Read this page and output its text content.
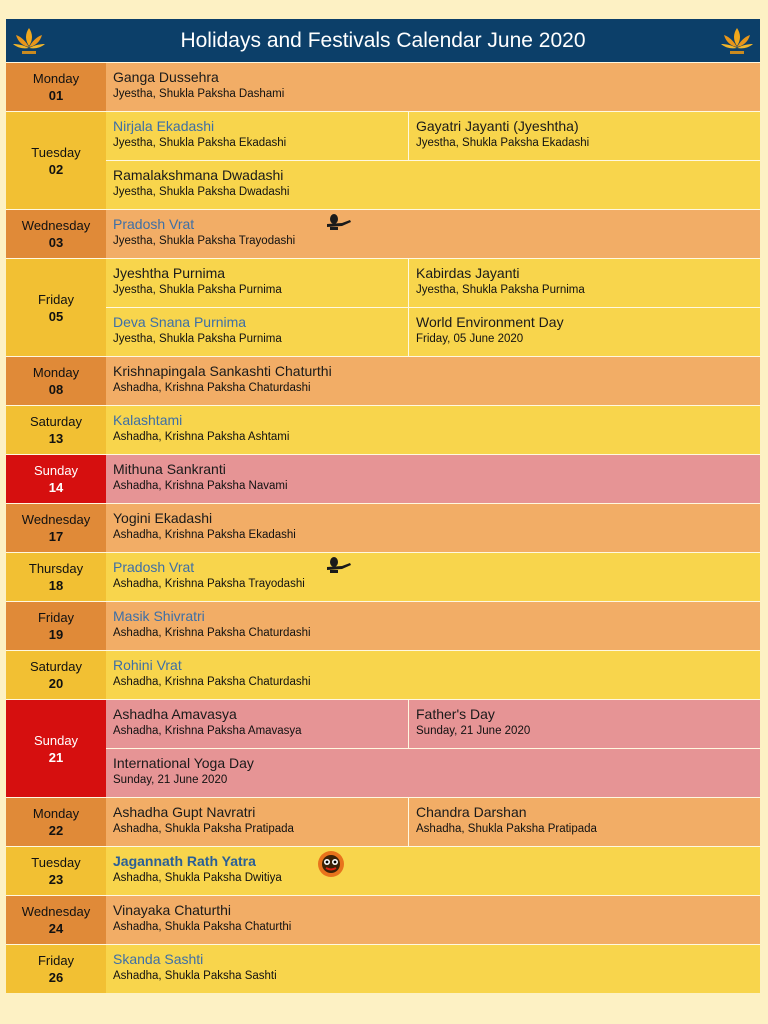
Holidays and Festivals Calendar June 2020
Monday
01
Ganga Dussehra
Jyestha, Shukla Paksha Dashami
Tuesday
02
Nirjala Ekadashi
Jyestha, Shukla Paksha Ekadashi
Gayatri Jayanti (Jyeshtha)
Jyestha, Shukla Paksha Ekadashi
Ramalakshmana Dwadashi
Jyestha, Shukla Paksha Dwadashi
Wednesday
03
Pradosh Vrat
Jyestha, Shukla Paksha Trayodashi
Friday
05
Jyeshtha Purnima
Jyestha, Shukla Paksha Purnima
Kabirdas Jayanti
Jyestha, Shukla Paksha Purnima
Deva Snana Purnima
Jyestha, Shukla Paksha Purnima
World Environment Day
Friday, 05 June 2020
Monday
08
Krishnapingala Sankashti Chaturthi
Ashadha, Krishna Paksha Chaturdashi
Saturday
13
Kalashtami
Ashadha, Krishna Paksha Ashtami
Sunday
14
Mithuna Sankranti
Ashadha, Krishna Paksha Navami
Wednesday
17
Yogini Ekadashi
Ashadha, Krishna Paksha Ekadashi
Thursday
18
Pradosh Vrat
Ashadha, Krishna Paksha Trayodashi
Friday
19
Masik Shivratri
Ashadha, Krishna Paksha Chaturdashi
Saturday
20
Rohini Vrat
Ashadha, Krishna Paksha Chaturdashi
Sunday
21
Ashadha Amavasya
Ashadha, Krishna Paksha Amavasya
Father's Day
Sunday, 21 June 2020
International Yoga Day
Sunday, 21 June 2020
Monday
22
Ashadha Gupt Navratri
Ashadha, Shukla Paksha Pratipada
Chandra Darshan
Ashadha, Shukla Paksha Pratipada
Tuesday
23
Jagannath Rath Yatra
Ashadha, Shukla Paksha Dwitiya
Wednesday
24
Vinayaka Chaturthi
Ashadha, Shukla Paksha Chaturthi
Friday
26
Skanda Sashti
Ashadha, Shukla Paksha Sashti
